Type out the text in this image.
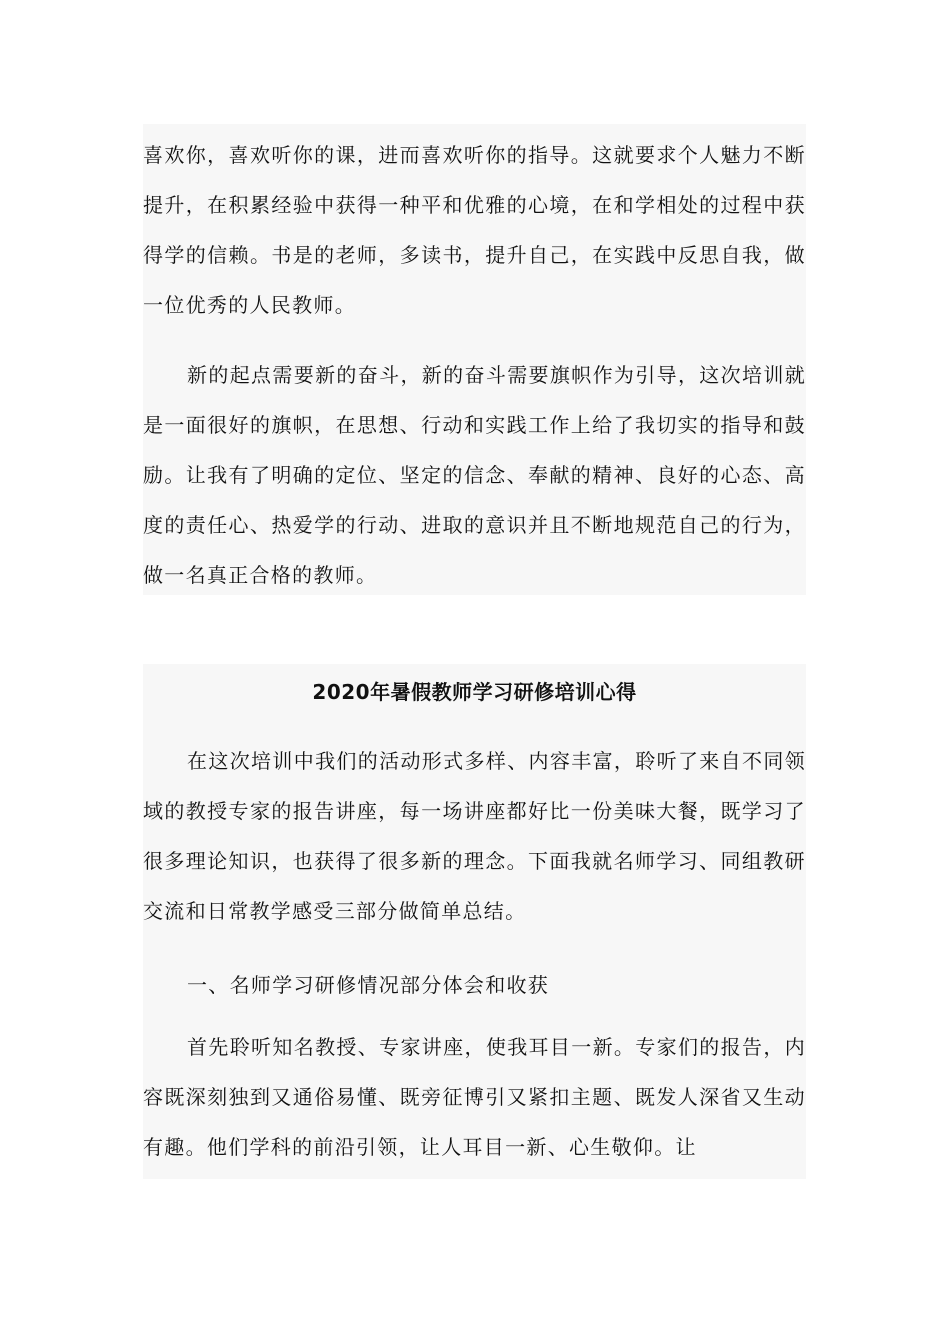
喜欢你，喜欢听你的课，进而喜欢听你的指导。这就要求个人魅力不断提升，在积累经验中获得一种平和优雅的心境，在和学相处的过程中获得学的信赖。书是的老师，多读书，提升自己，在实践中反思自我，做一位优秀的人民教师。

新的起点需要新的奋斗，新的奋斗需要旗帜作为引导，这次培训就是一面很好的旗帜，在思想、行动和实践工作上给了我切实的指导和鼓励。让我有了明确的定位、坚定的信念、奉献的精神、良好的心态、高度的责任心、热爱学的行动、进取的意识并且不断地规范自己的行为，做一名真正合格的教师。

2020年暑假教师学习研修培训心得

在这次培训中我们的活动形式多样、内容丰富，聆听了来自不同领域的教授专家的报告讲座，每一场讲座都好比一份美味大餐，既学习了很多理论知识，也获得了很多新的理念。下面我就名师学习、同组教研交流和日常教学感受三部分做简单总结。

一、名师学习研修情况部分体会和收获

首先聆听知名教授、专家讲座，使我耳目一新。专家们的报告，内容既深刻独到又通俗易懂、既旁征博引又紧扣主题、既发人深省又生动有趣。他们学科的前沿引领，让人耳目一新、心生敬仰。让
